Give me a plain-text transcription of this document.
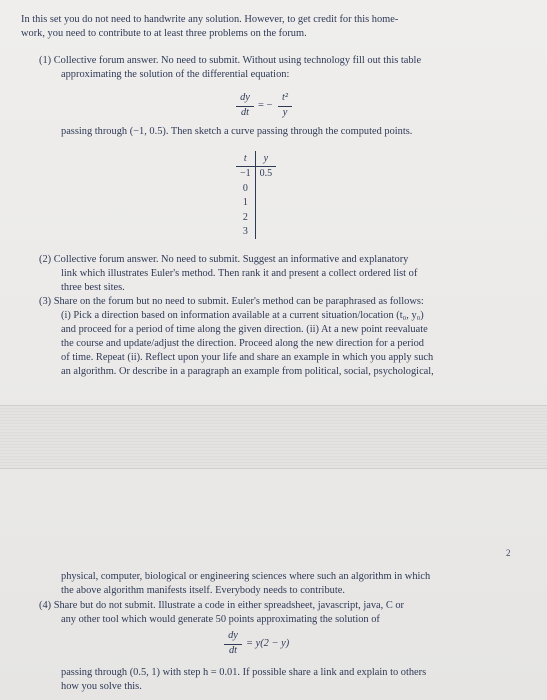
In this set you do not need to handwrite any solution. However, to get credit for this home-
work, you need to contribute to at least three problems on the forum.
(1) Collective forum answer. No need to submit. Without using technology fill out this table
approximating the solution of the differential equation:
dy
dt
= −
t²
y
passing through (−1, 0.5). Then sketch a curve passing through the computed points.
t	y
−1	0.5
0	
1	
2	
3	
(2) Collective forum answer. No need to submit. Suggest an informative and explanatory
link which illustrates Euler's method. Then rank it and present a collect ordered list of
three best sites.
(3) Share on the forum but no need to submit. Euler's method can be paraphrased as follows:
(i) Pick a direction based on information available at a current situation/location (t₀, y₀)
and proceed for a period of time along the given direction. (ii) At a new point reevaluate
the course and update/adjust the direction. Proceed along the new direction for a period
of time. Repeat (ii). Reflect upon your life and share an example in which you apply such
an algorithm. Or describe in a paragraph an example from political, social, psychological,
2
physical, computer, biological or engineering sciences where such an algorithm in which
the above algorithm manifests itself. Everybody needs to contribute.
(4) Share but do not submit. Illustrate a code in either spreadsheet, javascript, java, C or
any other tool which would generate 50 points approximating the solution of
dy
dt
= y(2 − y)
passing through (0.5, 1) with step h = 0.01. If possible share a link and explain to others
how you solve this.
